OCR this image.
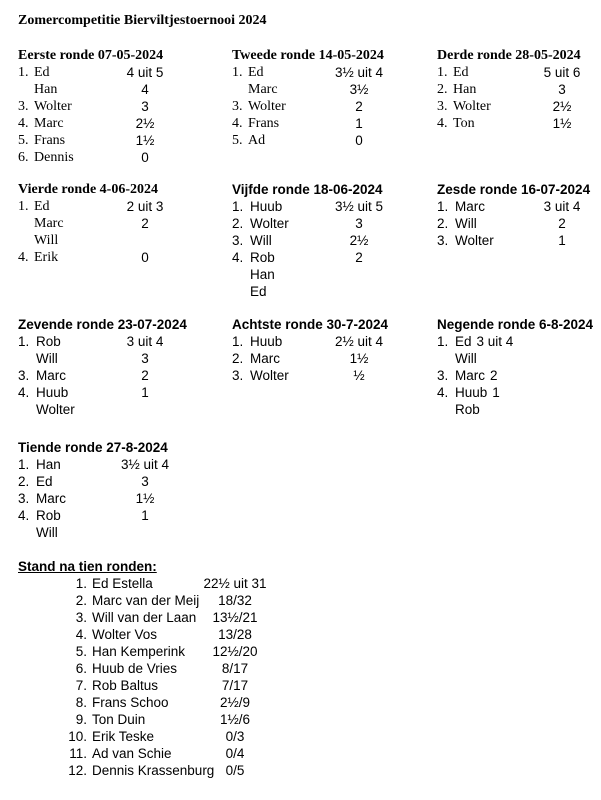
Zomercompetitie Bierviltjestoernooi 2024
Eerste ronde 07-05-2024
1. Ed	4 uit 5
Han	4
3. Wolter	3
4. Marc	2½
5. Frans	1½
6. Dennis	0
Tweede ronde 14-05-2024
1. Ed	3½ uit 4
Marc	3½
3. Wolter	2
4. Frans	1
5. Ad	0
Derde ronde 28-05-2024
1. Ed	5 uit 6
2. Han	3
3. Wolter	2½
4. Ton	1½
Vierde ronde 4-06-2024
1. Ed	2 uit 3
Marc	2
Will
4. Erik	0
Vijfde ronde 18-06-2024
1. Huub	3½ uit 5
2. Wolter	3
3. Will	2½
4. Rob	2
Han
Ed
Zesde ronde 16-07-2024
1. Marc	3 uit 4
2. Will	2
3. Wolter	1
Zevende ronde 23-07-2024
1. Rob	3 uit 4
Will	3
3. Marc	2
4. Huub	1
Wolter
Achtste ronde 30-7-2024
1. Huub	2½ uit 4
2. Marc	1½
3. Wolter	½
Negende ronde 6-8-2024
1. Ed 3 uit 4
Will
3. Marc 2
4. Huub 1
Rob
Tiende ronde 27-8-2024
1. Han	3½ uit 4
2. Ed	3
3. Marc	1½
4. Rob	1
Will
Stand na tien ronden:
1. Ed Estella	22½ uit 31
2. Marc van der Meij	18/32
3. Will van der Laan	13½/21
4. Wolter Vos	13/28
5. Han Kemperink	12½/20
6. Huub de Vries	8/17
7. Rob Baltus	7/17
8. Frans Schoo	2½/9
9. Ton Duin	1½/6
10. Erik Teske	0/3
11. Ad van Schie	0/4
12. Dennis Krassenburg 0/5
